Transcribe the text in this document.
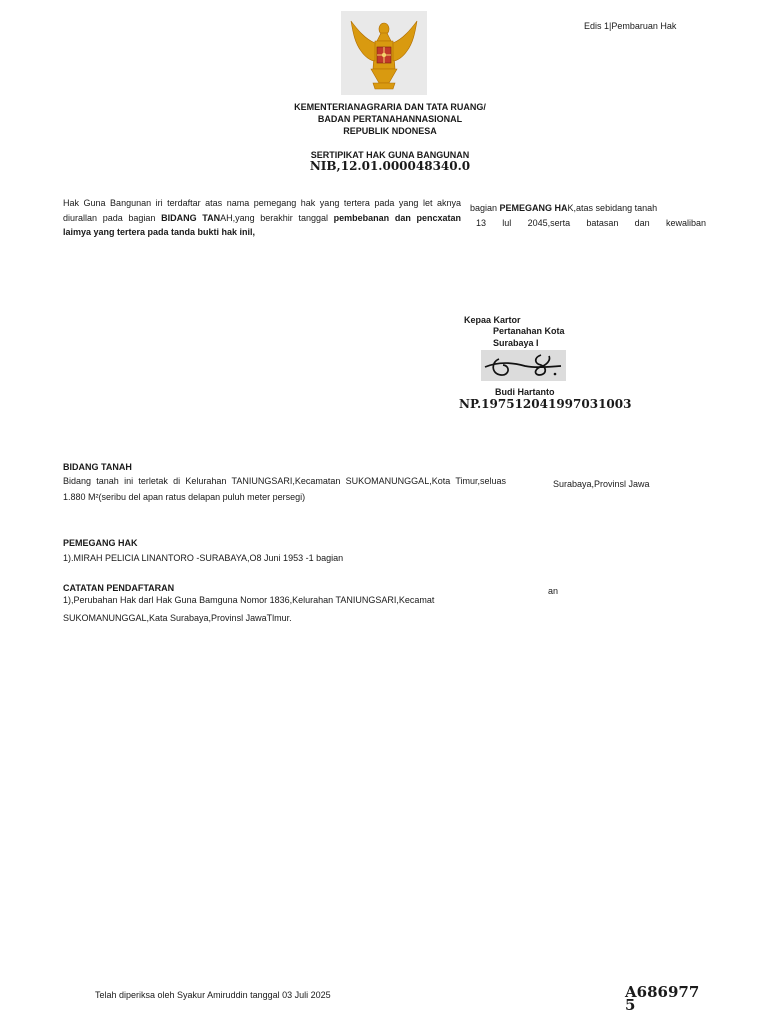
Edis 1|Pembaruan Hak
KEMENTERIANAGRARIA DAN TATA RUANG/
BADAN PERTANAHANNASIONAL
REPUBLIK NDONESA
SERTIPIKAT HAK GUNA BANGUNAN
NIB,12.01.000048340.0
Hak Guna Bangunan iri terdaftar atas nama pemegang hak yang tertera pada yang let aknya diurallan pada bagian BIDANG TANAH,yang berakhir tanggal pembebanan dan pencxatan laimya yang tertera pada tanda bukti hak inil,
bagian PEMEGANG HAK,atas sebidang tanah
13 lul 2045,serta batasan dan kewaliban
Kepaa Kartor
Pertanahan Kota
Surabaya I
Budi Hartanto
NP.197512041997031003
BIDANG TANAH
Bidang tanah ini terletak di Kelurahan TANIUNGSARI,Kecamatan SUKOMANUNGGAL,Kota Timur,seluas 1.880 M²(seribu del apan ratus delapan puluh meter persegi)
Surabaya,Provinsl Jawa
PEMEGANG HAK
1).MIRAH PELICIA LINANTORO -SURABAYA,O8 Juni 1953 -1 bagian
CATATAN PENDAFTARAN
1),Perubahan Hak darl Hak Guna Bamguna Nomor 1836,Kelurahan TANIUNGSARI,Kecamat
an
SUKOMANUNGGAL,Kata Surabaya,Provinsl JawaTlmur.
Telah diperiksa oleh Syakur Amiruddin tanggal 03 Juli 2025	A686977
5
